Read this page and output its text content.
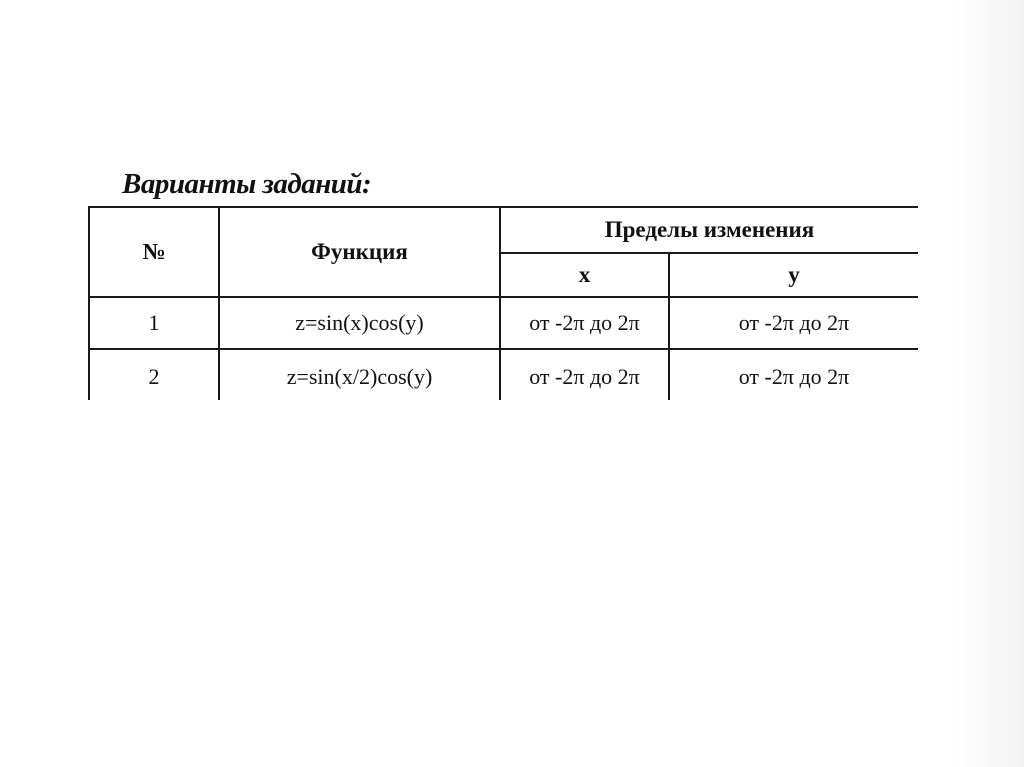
Варианты заданий:
№	Функция	Пределы изменения	
		x	y
1	z=sin(x)cos(y)	от -2π до 2π	от -2π до 2π
2	z=sin(x/2)cos(y)	от -2π до 2π	от -2π до 2π
